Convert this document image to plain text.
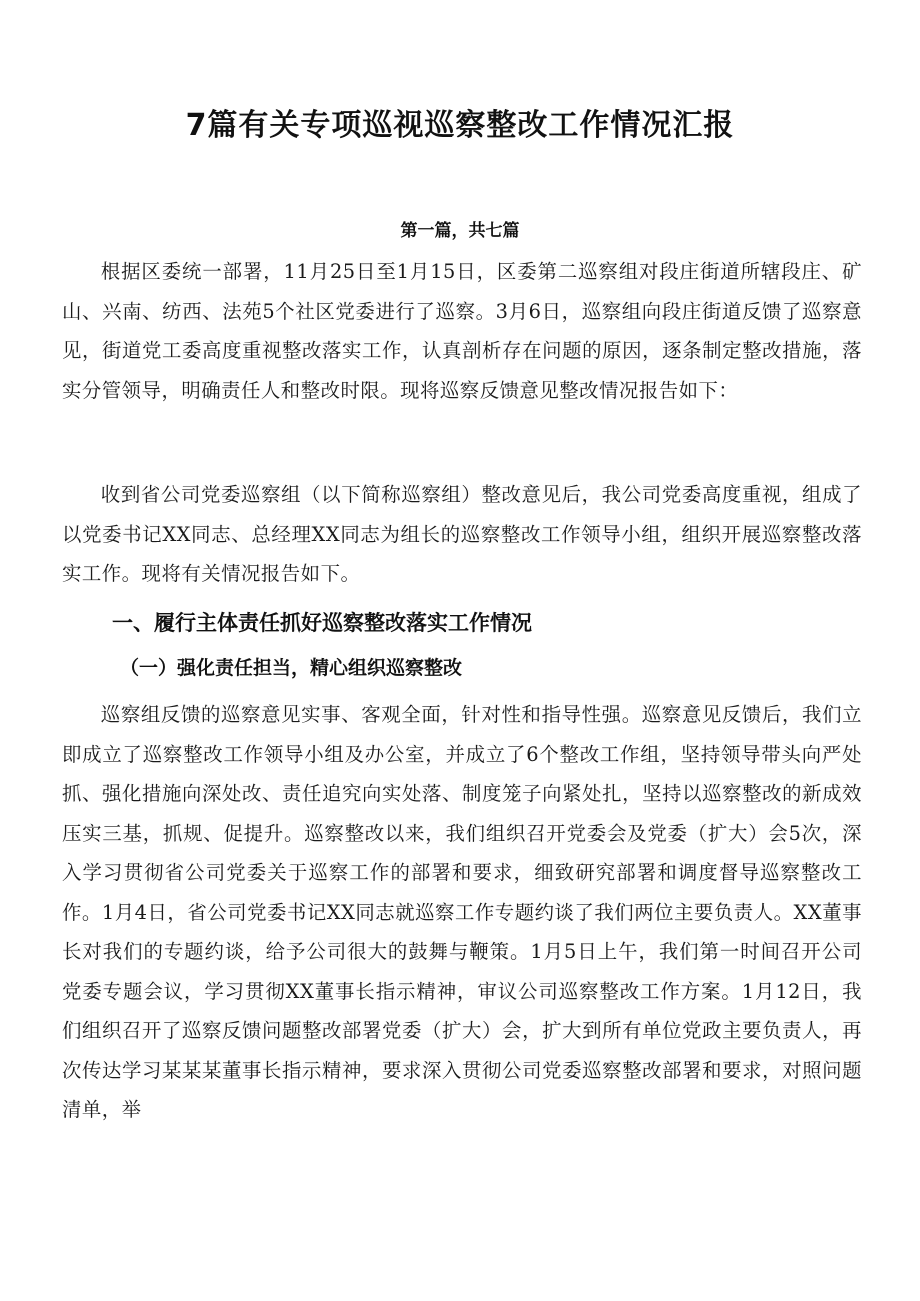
7篇有关专项巡视巡察整改工作情况汇报
第一篇，共七篇

根据区委统一部署，11月25日至1月15日，区委第二巡察组对段庄街道所辖段庄、矿山、兴南、纺西、法苑5个社区党委进行了巡察。3月6日，巡察组向段庄街道反馈了巡察意见，街道党工委高度重视整改落实工作，认真剖析存在问题的原因，逐条制定整改措施，落实分管领导，明确责任人和整改时限。现将巡察反馈意见整改情况报告如下：

收到省公司党委巡察组（以下简称巡察组）整改意见后，我公司党委高度重视，组成了以党委书记XX同志、总经理XX同志为组长的巡察整改工作领导小组，组织开展巡察整改落实工作。现将有关情况报告如下。

一、履行主体责任抓好巡察整改落实工作情况
（一）强化责任担当，精心组织巡察整改

巡察组反馈的巡察意见实事、客观全面，针对性和指导性强。巡察意见反馈后，我们立即成立了巡察整改工作领导小组及办公室，并成立了6个整改工作组，坚持领导带头向严处抓、强化措施向深处改、责任追究向实处落、制度笼子向紧处扎，坚持以巡察整改的新成效压实三基，抓规、促提升。巡察整改以来，我们组织召开党委会及党委（扩大）会5次，深入学习贯彻省公司党委关于巡察工作的部署和要求，细致研究部署和调度督导巡察整改工作。1月4日，省公司党委书记XX同志就巡察工作专题约谈了我们两位主要负责人。XX董事长对我们的专题约谈，给予公司很大的鼓舞与鞭策。1月5日上午，我们第一时间召开公司党委专题会议，学习贯彻XX董事长指示精神，审议公司巡察整改工作方案。1月12日，我们组织召开了巡察反馈问题整改部署党委（扩大）会，扩大到所有单位党政主要负责人，再次传达学习某某某董事长指示精神，要求深入贯彻公司党委巡察整改部署和要求，对照问题清单，举
